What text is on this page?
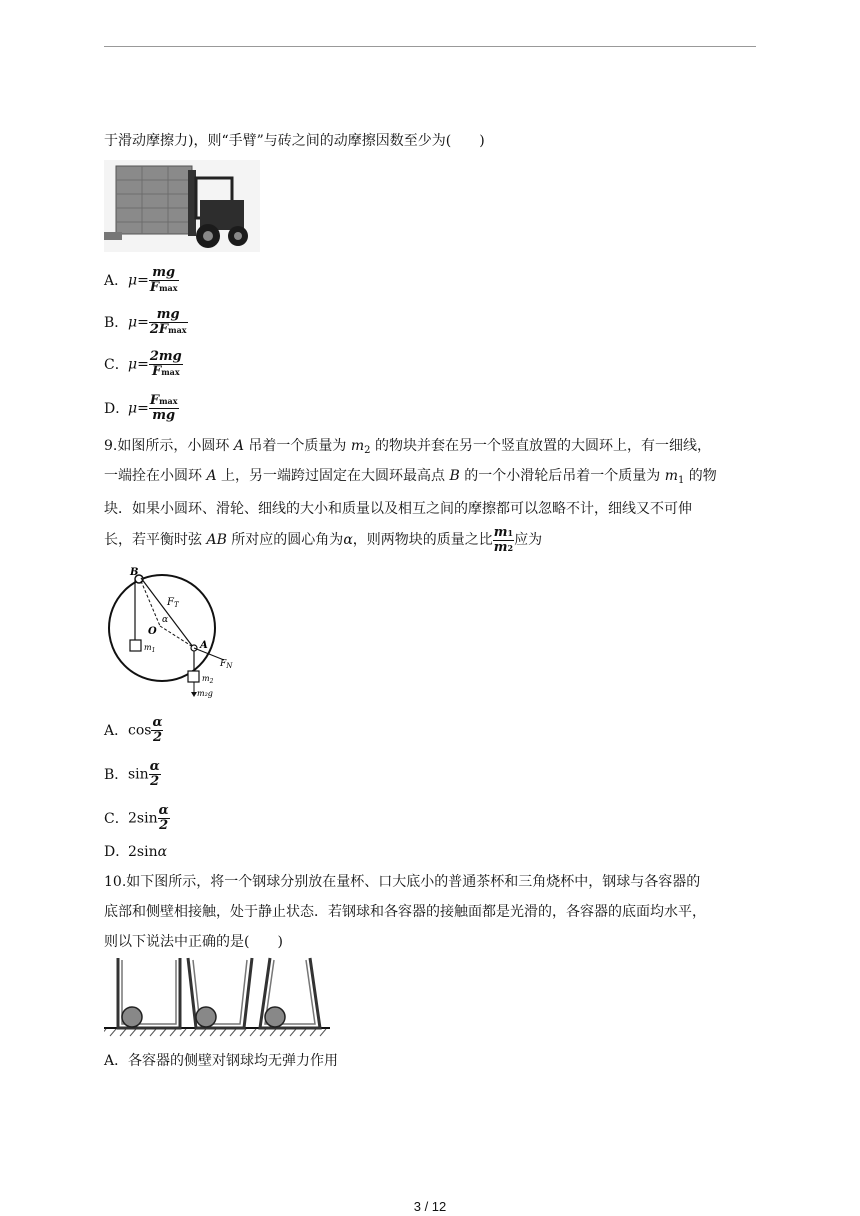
于滑动摩擦力)，则“手臂”与砖之间的动摩擦因数至少为(　　)
A．$\mu= \frac{mg}{Fmax}$
B．$\mu= \frac{mg}{2Fmax}$
C．$\mu= \frac{2mg}{Fmax}$
D．$\mu= \frac{Fmax}{mg}$
9.如图所示，小圆环 A 吊着一个质量为 $m_2$ 的物块并套在另一个竖直放置的大圆环上，有一细线，
一端拴在小圆环 A 上，另一端跨过固定在大圆环最高点 B 的一个小滑轮后吊着一个质量为 $m_1$ 的物
块．如果小圆环、滑轮、细线的大小和质量以及相互之间的摩擦都可以忽略不计，细线又不可伸
长，若平衡时弦 AB 所对应的圆心角为α，则两物块的质量之比 $\frac{m1}{m2}$ 应为
B
O
α
$F_T$
A
$F_N$
$m_1$
$m_2$
m₂g
A．$\cos \frac{\alpha}{2}$
B．$\sin \frac{\alpha}{2}$
C．$2\sin \frac{\alpha}{2}$
D．2sinα
10.如下图所示，将一个钢球分别放在量杯、口大底小的普通茶杯和三角烧杯中，钢球与各容器的
底部和侧壁相接触，处于静止状态．若钢球和各容器的接触面都是光滑的，各容器的底面均水平，
则以下说法中正确的是(　　)
A．各容器的侧壁对钢球均无弹力作用
3 / 12
